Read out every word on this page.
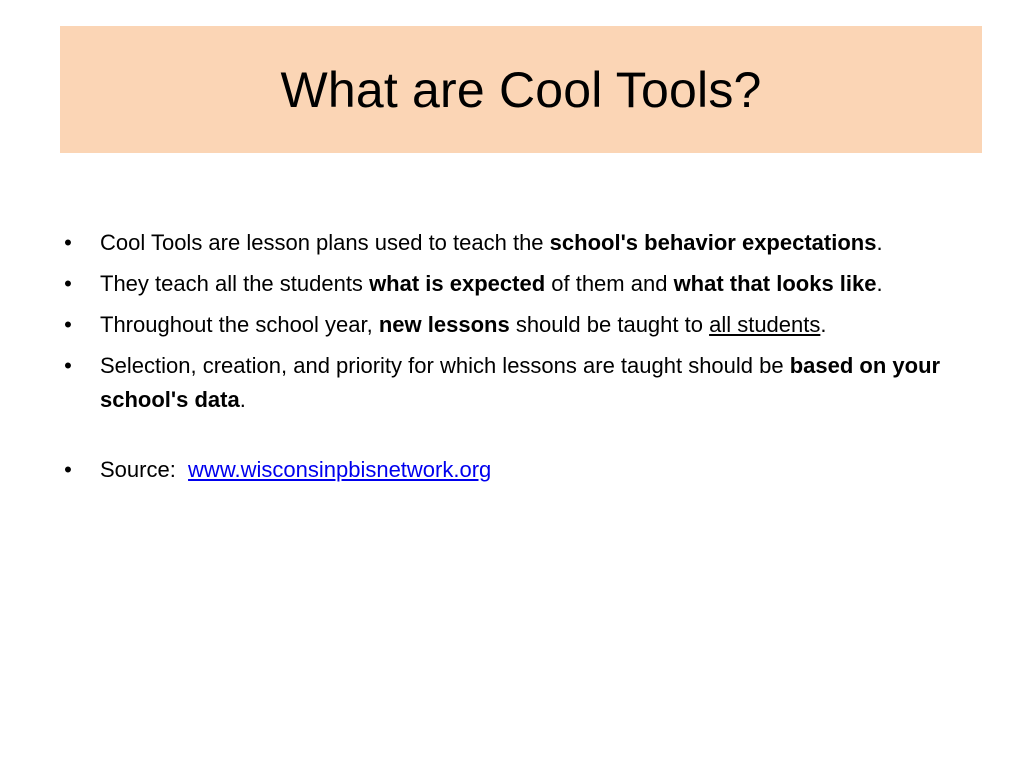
What are Cool Tools?
• Cool Tools are lesson plans used to teach the school's behavior expectations.
• They teach all the students what is expected of them and what that looks like.
• Throughout the school year, new lessons should be taught to all students.
• Selection, creation, and priority for which lessons are taught should be based on your school's data.
• Source:  www.wisconsinpbisnetwork.org
